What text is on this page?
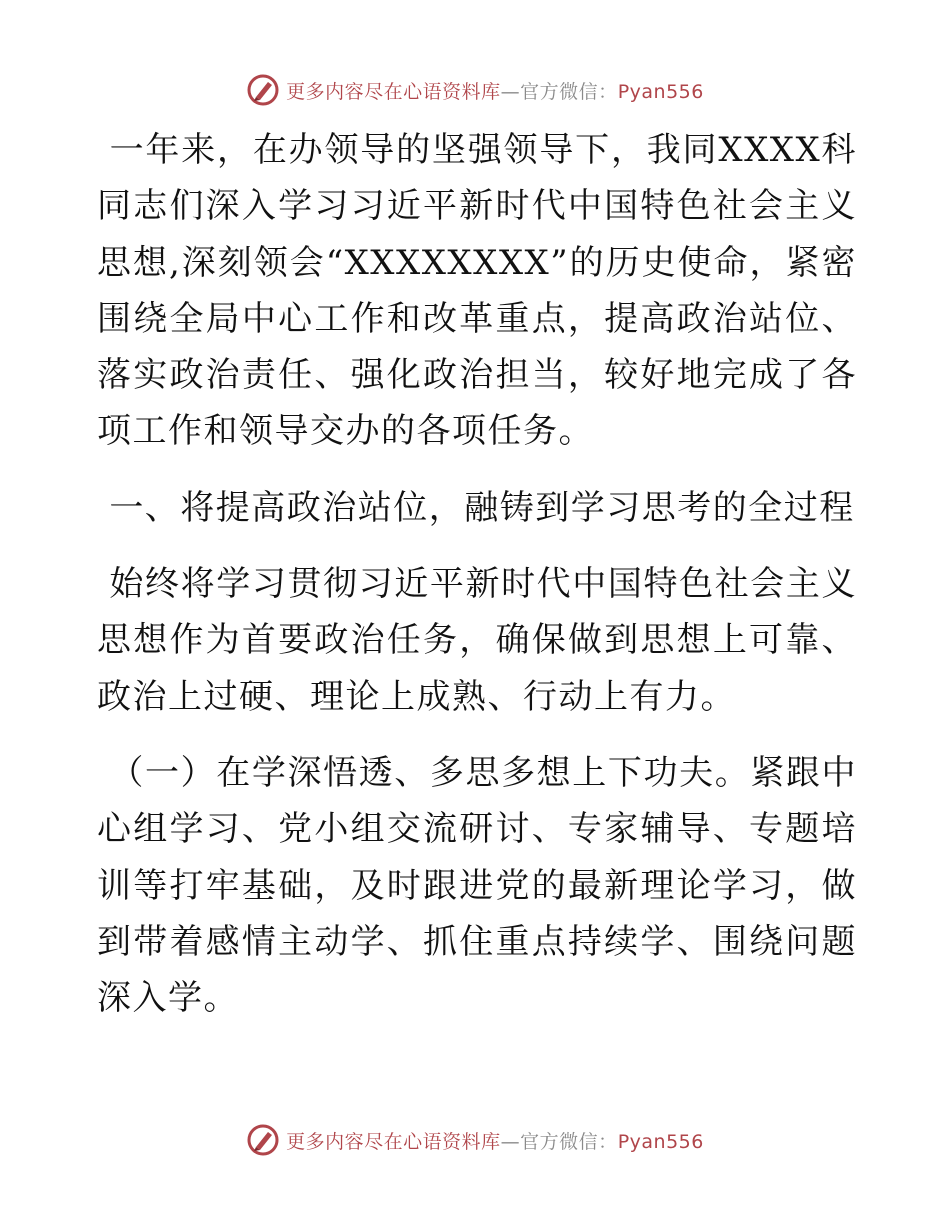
更多内容尽在心语资料库—官方微信：Pyan556

一年来，在办领导的坚强领导下，我同XXXX科同志们深入学习习近平新时代中国特色社会主义思想,深刻领会“XXXXXXXX”的历史使命，紧密围绕全局中心工作和改革重点，提高政治站位、落实政治责任、强化政治担当，较好地完成了各项工作和领导交办的各项任务。

一、将提高政治站位，融铸到学习思考的全过程

始终将学习贯彻习近平新时代中国特色社会主义思想作为首要政治任务，确保做到思想上可靠、政治上过硬、理论上成熟、行动上有力。

（一）在学深悟透、多思多想上下功夫。紧跟中心组学习、党小组交流研讨、专家辅导、专题培训等打牢基础，及时跟进党的最新理论学习，做到带着感情主动学、抓住重点持续学、围绕问题深入学。

更多内容尽在心语资料库—官方微信：Pyan556
